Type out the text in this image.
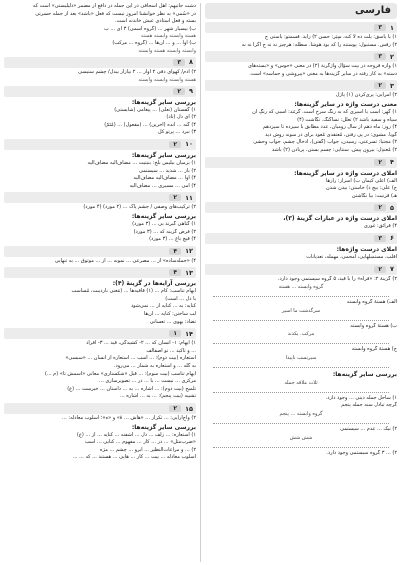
فارسی
۱
۳
۱) یا یاسق: یلت ده لا کنه، سِیَر: حسن ۲) زاید. قسمتو: باستی ج
۲) رفس. مستبول: پوستنه را که بود هوشا. سطله: هرچیز نه نه ج اگرا نه نه
۲
۳
۱) وازه قروحه در بیت سؤال واژگرنة (۲) در معنی «حوس» و «بسته‌های
دسته» به کار رفته در سایر گزینه‌ها به معنی «پیروشی و حماسه» است.
۳
۲
۲) امرایی: پری‌کردن (۱) پاژل
معنی درست واژه در سایر گزینه‌ها:
۱) گهر: آسب یا آسیری که به رنگ سرخ است. گرنَند: اسبی که رنگِ آن
سیاه و سفید باشد ۲) تعلل: تساگنگ. نگاشت (۴)
۴) روز: ماه دهم از سال رومیان، عدد مطابق با سیزده تا سیزدهم
گویا. مشوی: در پی رفتن، مُعتقدی مُعود برای در سونه روش دید
۲) مجتبا: تسرعتی، رسیدن، جواب (گفتن)، ادخال چشم، جواب وحشی
۲) مُعتدِل: بیرون پیش. سنتایی: چسم بستن، پربادن (۲) باشد
۴
۲
املای درست واژه در سایر گزینه‌ها:
الف) اعلی کیمان ب) اسرار: رازها
ج) علی: بیچ د) خاستن: بیدن شدن
هـ) قرنیت: بیا نگاشتن
۵
۲
املای درست واژه در عبارات گزینهٔ (۳)،
۴) قرائق: غوری
۶
۳
املای درست واژه‌ها:
اقلب، مستمبلهایی، امحمی، مهمله، تعدیانات
۷
۲
۲) گزینهٔ ۲: «فراه» را با قید، ۵ گروه سیستمی وجود دارد.
گروه وابسته ... هسته
الف) هستهٔ گروه وابسته
سرگذشت ما اسیر
ب) هستهٔ گروه وابسته
مرکب. یکدند
ج) هستهٔ گروه وابسته
سیرنسب ناپیدا
بررسی سایر گزینه‌ها:
ثلاث ملاقه جمله
۱) ساحل جمله دینی ... وجود دارد.
گرچه تبادل سنه جمله پنجم
گروه وابسته ... پنجم
۲) نیک ... عدم ... سیستمی
شش شش
۲) ... ۳ گروه سیستمی وجود دارد.
دشت جانیهم: اهل اسحاقی در این جمله در دافع از مضمر «دلیلیستی» است که
در «سُمی» به نظر خوانشنا امروز نیست که فعل «باشد» بعد از جمله حسرتی
بسته و فعل استادی عیش خاندنه است.
ب) بیسیار شهر ... (گروه اسمی) ۳ ای ... ب
هسته وابسته وابسته هسته
ب) اوآ ... و ... آن‌ها ... (گروه ... مرکب)
وابسته وابسته هسته وابسته
۸
۳
۲) آدم/ کهوای دقی ۲ آوار ... ۲ بیازار بیدل/ چشم ستیسی
هسته وابسته وابسته وابسته
۹
۲
بررسی سایر گزینه‌ها:
۱) گفستان (تعلی) ... پیغامی (شایستی)
۲) ای دل (ناد)
۴) گنه ... انده (آخرین) ... (مفعول) ... (مُتَمّ)
۳) نبرد ... پرتو کل
۱۰
۲
بررسی سایر گزینه‌ها:
۱) برمیان بیلیس بلخ: بنیتیت ... مضاف‌الیه مضاف‌الیه
۲) باز ... شدید ... سیستمی
۴) آوا ... مضاف‌الیه مضاف‌الیه
۴) آمی ... مسیری ... مضاف‌الیه
۱۱
۲
۲) ترکیب‌های وصفی / جشم پاک ... (۲ مورد) (۴ مورد)
بررسی سایر گزینه‌ها:
۱) گناهی گیرند بی ... (۳ مورد)
۲) فرض گزینه که ... (۳ مورد)
۴) قیچ باغ ... (۳ مورد)
۱۲
۴
۴) «جمله‌ساده» از ... مصرعی ... نمونه ... از ... موثوق ... به تنهایی
۱۳
۴
بررسی آرایه‌ها در گزینهٔ (۴):
ایهام تناسب: کام ... (۱) قافیه‌ها ... (مَعنی ناردیبت، مُساسب
با دل ... است)
کنایه: به ... کنایه از ... نمی‌شود
لب ساختن: کنایه ... آن‌ها
تضاد: یهوی ... تعسانی
۱۴
۱
۱) ایهام: ۱- انسان که ... ۲- کشیدگی، قید ... ۳- افراد
... و تاکید ... تو اصفالف
استعاره (بیت دوم): ... اسب ... استعاره از انسان ... «سبسی»
به گله ... و استعاره به شمار ... می‌رود.
ایهام تناسب (بیت سوم): ... قبل «شکستاری» معانی «اسمش تا» (م ...)
مرکزی ... نیست ... با ... در ... تصویرسازی ...
تلمیح (بیت دوم): ... اشاره ... به ... داستان ... خیرست ... (ع)
تشبیه (بیت پنجم): ... به ... اشاره ...
۱۵
۲
۲) واج‌آرایی: ... تکرار ... «هاش ... هُ» و «ه»؛ اسلوب معادله: ...
بررسی سایر گزینه‌ها:
۱) استعاره: ... زلف ... دل ... آشفته ... کنایه ... از ... (ع)
«ضرب‌مثل» ... در ... کار ... مفهوم ... کنایی ... اسب
۲) ... و مراعات‌النظیر ... ابرو ... چشم ... مژه
اسلوب معادله ... بیت ... کار ... هایی ... هستند ... که ... ...
